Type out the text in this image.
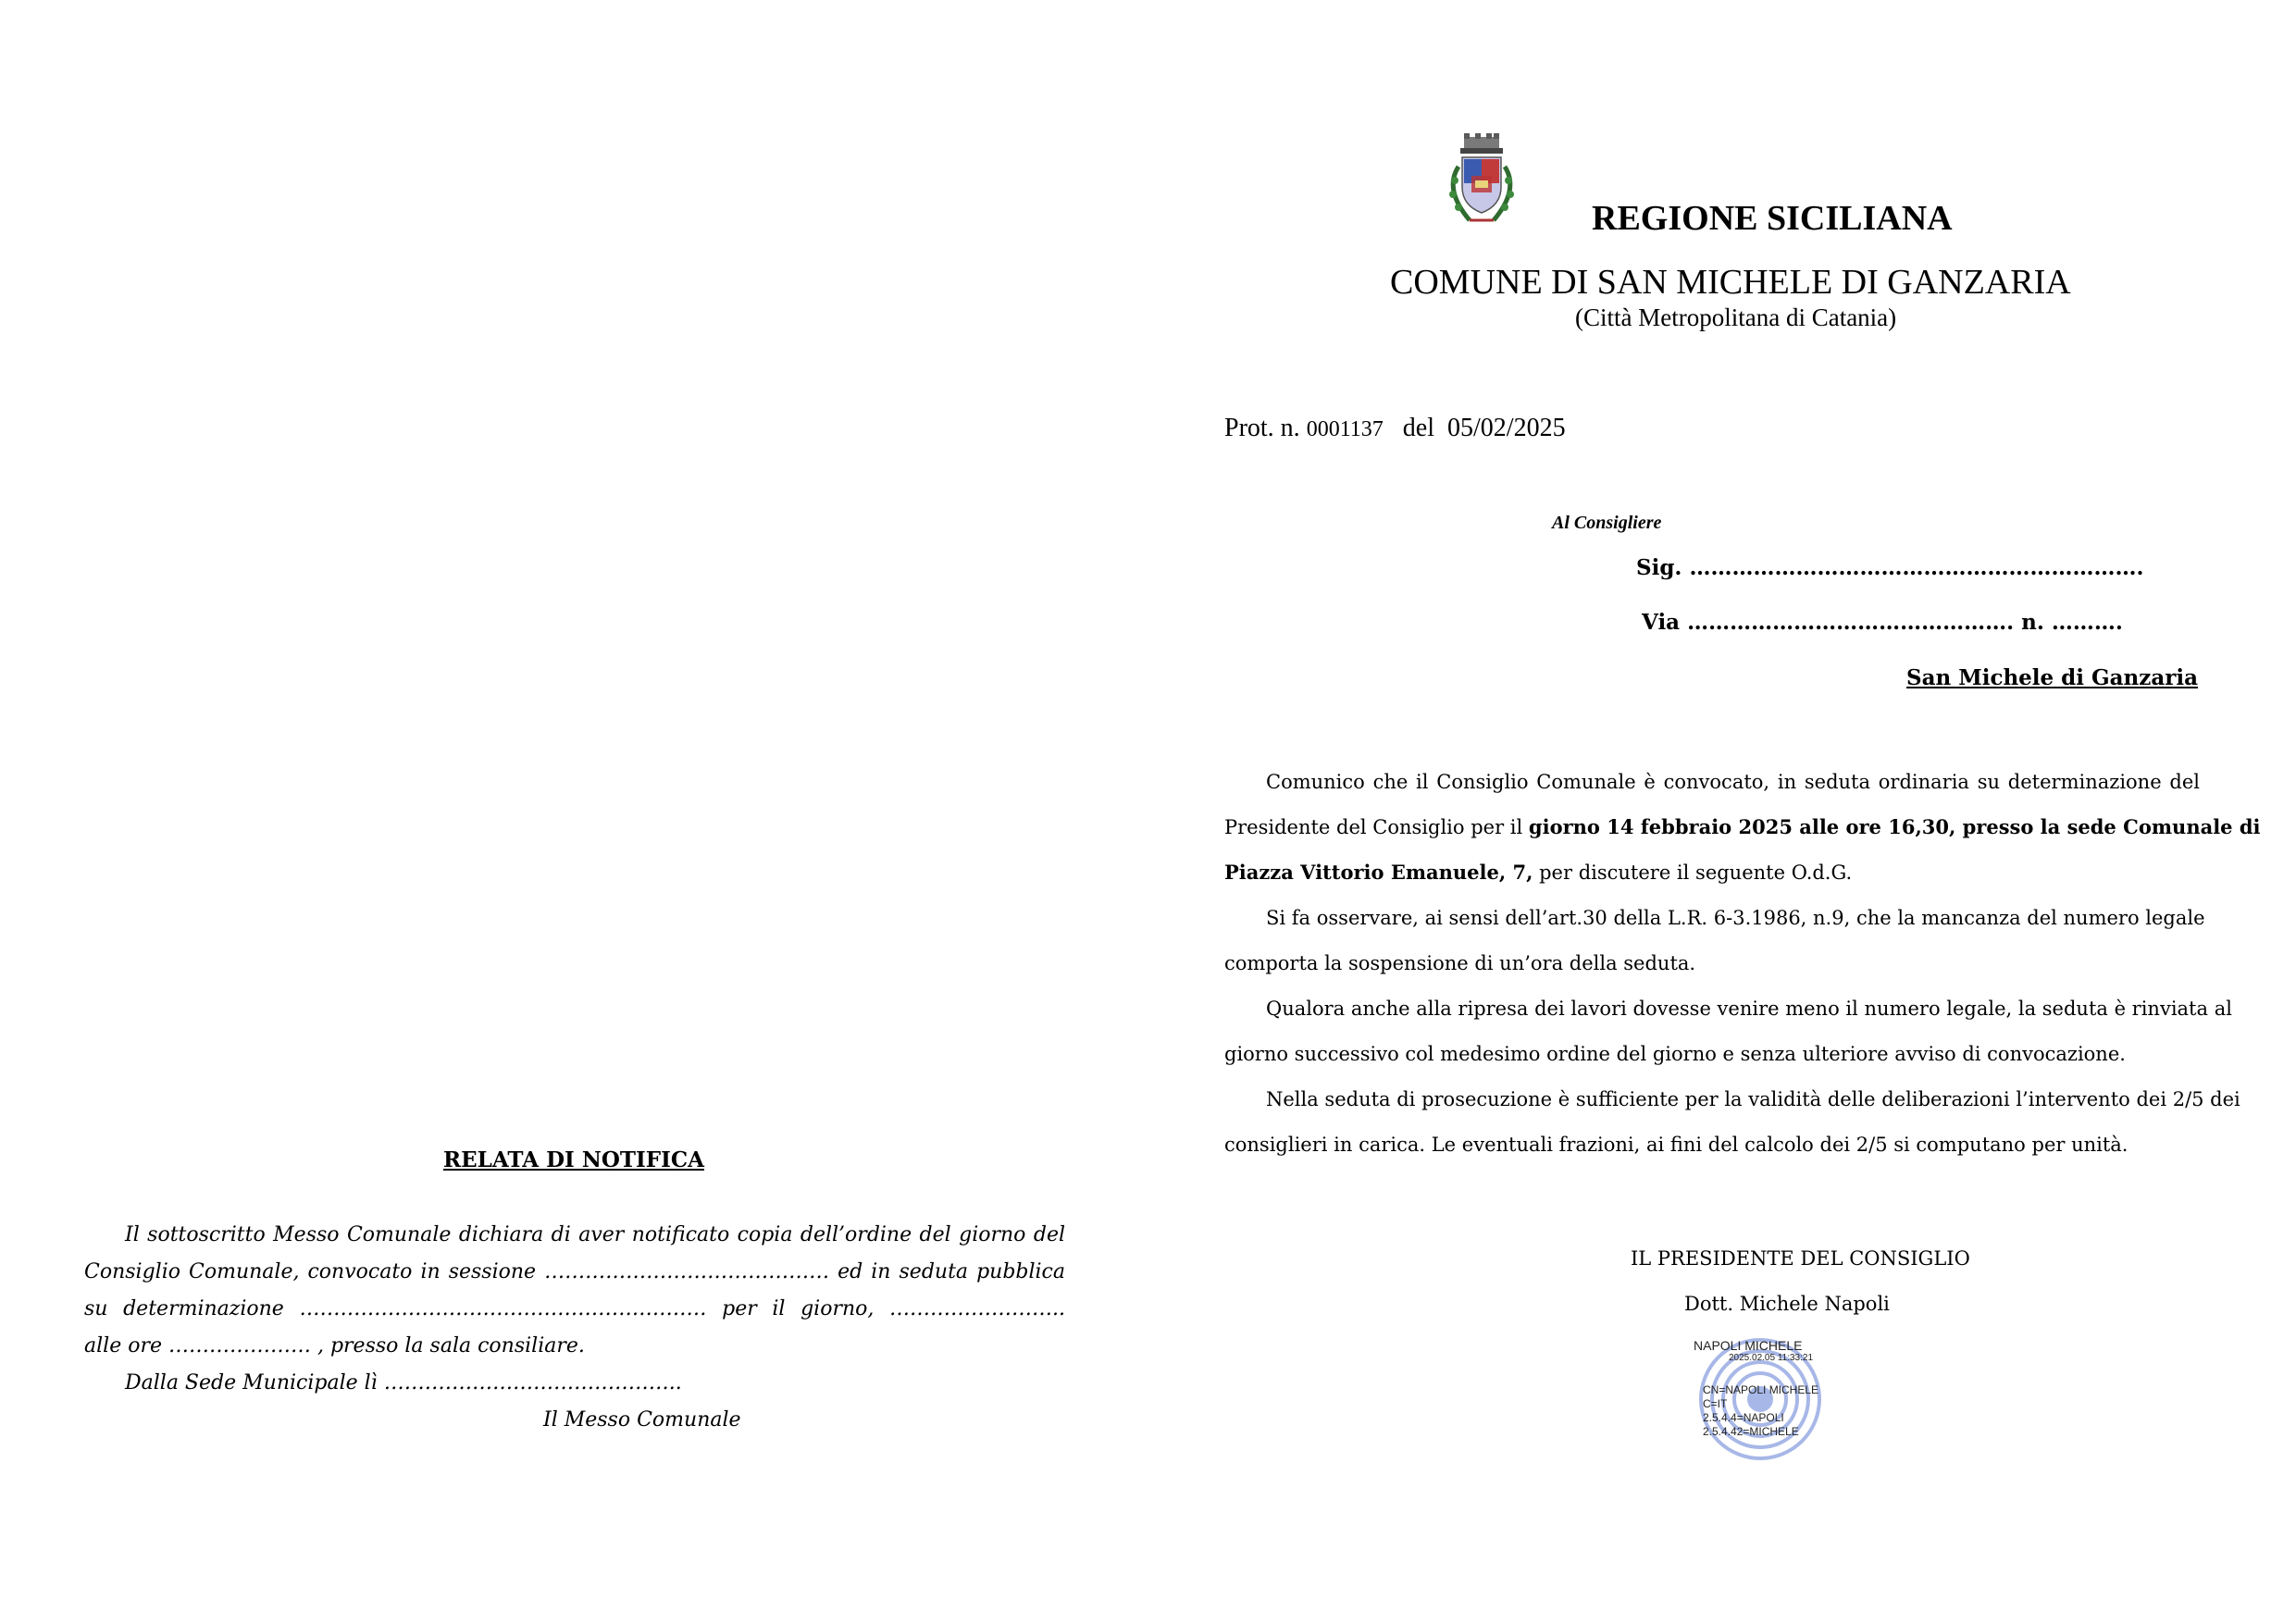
RELATA DI NOTIFICA
Il sottoscritto Messo Comunale dichiara di aver notificato copia dell’ordine del giorno del
Consiglio Comunale, convocato in sessione …………………………………… ed in seduta pubblica
su determinazione …………………………………………………… per il giorno, ……………………..
alle ore ………………… , presso la sala consiliare.
Dalla Sede Municipale lì ……………………………………..
Il Messo Comunale
REGIONE SICILIANA
COMUNE DI SAN MICHELE DI GANZARIA
(Città Metropolitana di Catania)
Prot. n. 0001137 del 05/02/2025
Al Consigliere
Sig. ……………………………………………………….
Via ………………………………………. n. ……….
San Michele di Ganzaria
Comunico che il Consiglio Comunale è convocato, in seduta ordinaria su determinazione del
Presidente del Consiglio per il giorno 14 febbraio 2025 alle ore 16,30, presso la sede Comunale di
Piazza Vittorio Emanuele, 7, per discutere il seguente O.d.G.
Si fa osservare, ai sensi dell’art.30 della L.R. 6-3.1986, n.9, che la mancanza del numero legale
comporta la sospensione di un’ora della seduta.
Qualora anche alla ripresa dei lavori dovesse venire meno il numero legale, la seduta è rinviata al
giorno successivo col medesimo ordine del giorno e senza ulteriore avviso di convocazione.
Nella seduta di prosecuzione è sufficiente per la validità delle deliberazioni l’intervento dei 2/5 dei
consiglieri in carica. Le eventuali frazioni, ai fini del calcolo dei 2/5 si computano per unità.
IL PRESIDENTE DEL CONSIGLIO
Dott. Michele Napoli
NAPOLI MICHELE
2025.02.05 11:33:21
CN=NAPOLI MICHELE
C=IT
2.5.4.4=NAPOLI
2.5.4.42=MICHELE
